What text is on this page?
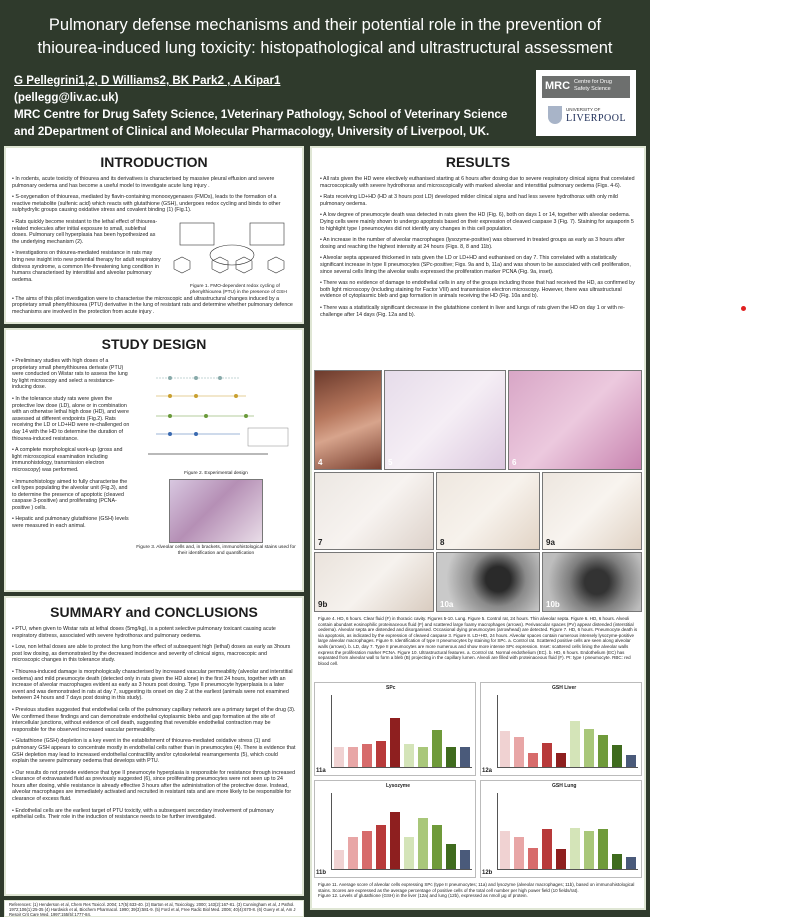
Pulmonary defense mechanisms and their potential role in the prevention of
thiourea-induced lung toxicity: histopathological and ultrastructural assessment
G Pellegrini1,2, D Williams2, BK Park2 , A Kipar1
(pellegg@liv.ac.uk)
MRC Centre for Drug Safety Science, 1Veterinary Pathology, School of Veterinary Science
and 2Department of Clinical and Molecular Pharmacology, University of Liverpool, UK.
MRC Centre for Drug Safety Science
UNIVERSITY OF
LIVERPOOL
INTRODUCTION

• In rodents, acute toxicity of thiourea and its derivatives is characterised by massive pleural effusion and severe pulmonary oedema and has become a useful model to investigate acute lung injury .

• S-oxygenation of thioureas, mediated by flavin-containing monooxygenases (FMOs), leads to the formation of a reactive metabolite (sulfenic acid) which reacts with glutathione (GSH), undergoes redox cycling and binds to other sulphydrylic groups causing oxidative stress and covalent binding (1) (Fig.1).

• Rats quickly become resistant to the lethal effect of thiourea-related molecules after initial exposure to small, sublethal doses. Pulmonary cell hyperplasia has been hypothesized as the underlying mechanism (2).

• Investigations on thiourea-mediated resistance in rats may bring new insight into new potential therapy for adult respiratory distress syndrome, a common life-threatening lung condition in humans characterised by interstitial and alveolar pulmonary oedema.

Figure 1. FMO-dependent redox cycling of phenylthiourea (PTU) in the presence of GSH

• The aims of this pilot investigation were to characterise the microscopic and ultrastructural changes induced by a proprietary small phenylthiourea (PTU) derivative in the lung of resistant rats and determine whether pulmonary defence mechanisms are involved in the protection from acute injury .

STUDY DESIGN

• Preliminary studies with high doses of a proprietary small phenylthiourea derivate (PTU) were conducted on Wistar rats to assess the lung by light microscopy and select a resistance-inducing dose.

• In the tolerance study rats were given the protective low dose (LD), alone or in combination with an otherwise lethal high dose (HD), and were assessed at different endpoints (Fig.2). Rats receiving the LD or LD+HD were re-challenged on day 14 with the HD to determine the duration of thiourea-induced resistance.

• A complete morphological work-up (gross and light microscopical examination including immunohistology, transmission electron microscopy) was performed.

• Immunohistology aimed to fully characterise the cell types populating the alveolar unit (Fig.3), and to determine the presence of apoptotic (cleaved caspase 3-positive) and proliferating (PCNA-positive ) cells.

• Hepatic and pulmonary glutathione (GSH) levels were measured in each animal.

Figure 2. Experimental design
Figure 3. Alveolar cells and, in brackets, immunohistological stains used for their identification and quantification
SUMMARY and CONCLUSIONS

• PTU, when given to Wistar rats at lethal doses (5mg/kg), is a potent selective pulmonary toxicant causing acute respiratory distress, associated with severe hydrothorax and pulmonary oedema.

• Low, non lethal doses are able to protect the lung from the effect of subsequent high (lethal) doses as early as 3hours post low dosing, as demonstrated by the decreased incidence and severity of clinical signs, macroscopic and microscopic changes in this tolerance study.

• Thiourea-induced damage is morphologically characterised by increased vascular permeability (alveolar and interstitial oedema) and mild pneumocyte death (detected only in rats given the HD alone) in the first 24 hours, together with an increase of alveolar macrophages evident as early as 3 hours post dosing. Type II pneumocyte hyperplasia is a later event and was demonstrated in rats at day 7, suggesting its onset on day 2 at the earliest (animals were not examined between 24 hours and 7 days post dosing in this study).

• Previous studies suggested that endothelial cells of the pulmonary capillary network are a primary target of the drug (3). We confirmed these findings and can demonstrate endothelial cytoplasmic blebs and gap formation at the site of intercellular junctions, without evidence of cell death, suggesting that reversible endothelial contraction may be responsible for the observed increased vascular permeability.

• Glutathione (GSH) depletion is a key event in the establishment of thiourea-mediated oxidative stress (1) and pulmonary GSH appears to concentrate mostly in endothelial cells rather than in pneumocytes (4). There is evidence that GSH depletion may lead to increased endothelial contractility and/or cytoskeletal rearrangements (5), which could explain the severe pulmonary oedema that develops with PTU.

• Our results do not provide evidence that type II pneumocyte hyperplasia is responsible for resistance through increased clearance of extravasated fluid as previously suggested (6), since proliferating pneumocytes were not seen up to 24 hours after dosing, while resistance is already effective 3 hours after the administration of the protective dose. Instead, alveolar macrophages are immediately activated and recruited in resistant rats and are more likely to be responsible for clearance of excess fluid.

• Endothelial cells are the earliest target of PTU toxicity, with a subsequent secondary involvement of pulmonary epithelial cells. Their role in the induction of resistance needs to be further investigated.

References: (1) Henderson et al, Chem Res Toxicol. 2004; 17(5):633-40. (2) Barton et al, Toxicology. 2000; 143(2):167-81. (3) Cunningham et al, J Pathol. 1972;106(1):25-35 (4) Hardwick et al, Biochem Pharmacol. 1990; 39(3):581-9. (5) Ford et al, Free Radic Biol Med. 2006; 40(4):670-8. (6) Guery et al, Am J Respir Crit Care Med. 1997;155(5):1777-84.
RESULTS

• All rats given the HD were electively euthanised starting at 6 hours after dosing due to severe respiratory clinical signs that correlated macroscopically with severe hydrothorax and microscopically with marked alveolar and interstitial pulmonary oedema (Figs. 4-6).

• Rats receiving LD+HD (HD at 3 hours post LD) developed milder clinical signs and had less severe hydrothorax with only mild pulmonary oedema.

• A low degree of pneumocyte death was detected in rats given the HD (Fig. 6), both on days 1 or 14, together with alveolar oedema. Dying cells were mainly shown to undergo apoptosis based on their expression of cleaved caspase 3 (Fig. 7). Staining for aquaporin 5 to highlight type I pneumocytes did not identify any changes in this cell population.

• An increase in the number of alveolar macrophages (lysozyme-positive) was observed in treated groups as early as 3 hours after dosing and reaching the highest intensity at 24 hours (Figs. 8, 8 and 11b).

• Alveolar septa appeared thickened in rats given the LD or LD+HD and euthanised on day 7. This correlated with a statistically significant increase in type II pneumocytes (SPc-positive; Figs. 9a and b, 11a) and was shown to be associated with cell proliferation, since several cells lining the alveolar walls expressed the proliferation marker PCNA (Fig. 9a, inset).

• There was no evidence of damage to endothelial cells in any of the groups including those that had received the HD, as confirmed by both light microscopy (including staining for Factor VIII) and transmission electron microscopy. However, there was ultrastructural evidence of cytoplasmic bleb and gap formation in animals receiving the HD (Fig. 10a and b).

• There was a statistically significant decrease in the glutathione content in liver and lungs of rats given the HD on day 1 or with re-challenge after 14 days (Fig. 12a and b).

4	5	6
7	8	9a
9b	10a	10b
Figure 4. HD, 6 hours. Clear fluid (F) in thoracic cavity. Figures 5-10. Lung. Figure 5. Control rat, 24 hours. Thin alveolar septa. Figure 6. HD, 6 hours. Alveoli contain abundant eosinophilic proteinaceous fluid (F) and scattered large foamy macrophages (arrows). Perivascular spaces (PV) appear distended (interstitial oedema). Alveolar septa are distended and disorganised. Occasional dying pneumocytes (arrowhead) are detected. Figure 7. HD, 6 hours. Pneumocyte death is via apoptosis, as indicated by the expression of cleaved caspase 3. Figure 8. LD+HD, 24 hours. Alveolar spaces contain numerous intensely lysozyme-positive large alveolar macrophages. Figure 9. Identification of type II pneumocytes by staining for SPc. a. Control rat. Scattered positive cells are seen along alveolar walls (arrows). b. LD, day 7. Type II pneumocytes are more numerous and show more intense SPc expression. Inset: scattered cells lining the alveolar walls express the proliferation marker PCNA. Figure 10. Ultrastructural features. a. Control rat. Normal endothelium (EC). b. HD, 6 hours. Endothelium (EC) has separated from alveolar wall to form a bleb (B) projecting in the capillary lumen. Alveoli are filled with proteinaceous fluid (F). PI: type I pneumocyte. RBC: red blood cell.
SPc
11a
Lysozyme
11b
GSH Liver
12a
GSH Lung
12b
Figure 11. Average score of alveolar cells expressing SPc (type II pneumocytes; 11a) and lysozyme (alveolar macrophages; 11b), based on immunohistological stains. Scores are expressed as the average percentage of positive cells of the total cell number per high power field (10 fields/rat).
Figure 12. Levels of glutathione (GSH) in the liver (12a) and lung (12b), expressed as nmol/ µg of protein.
